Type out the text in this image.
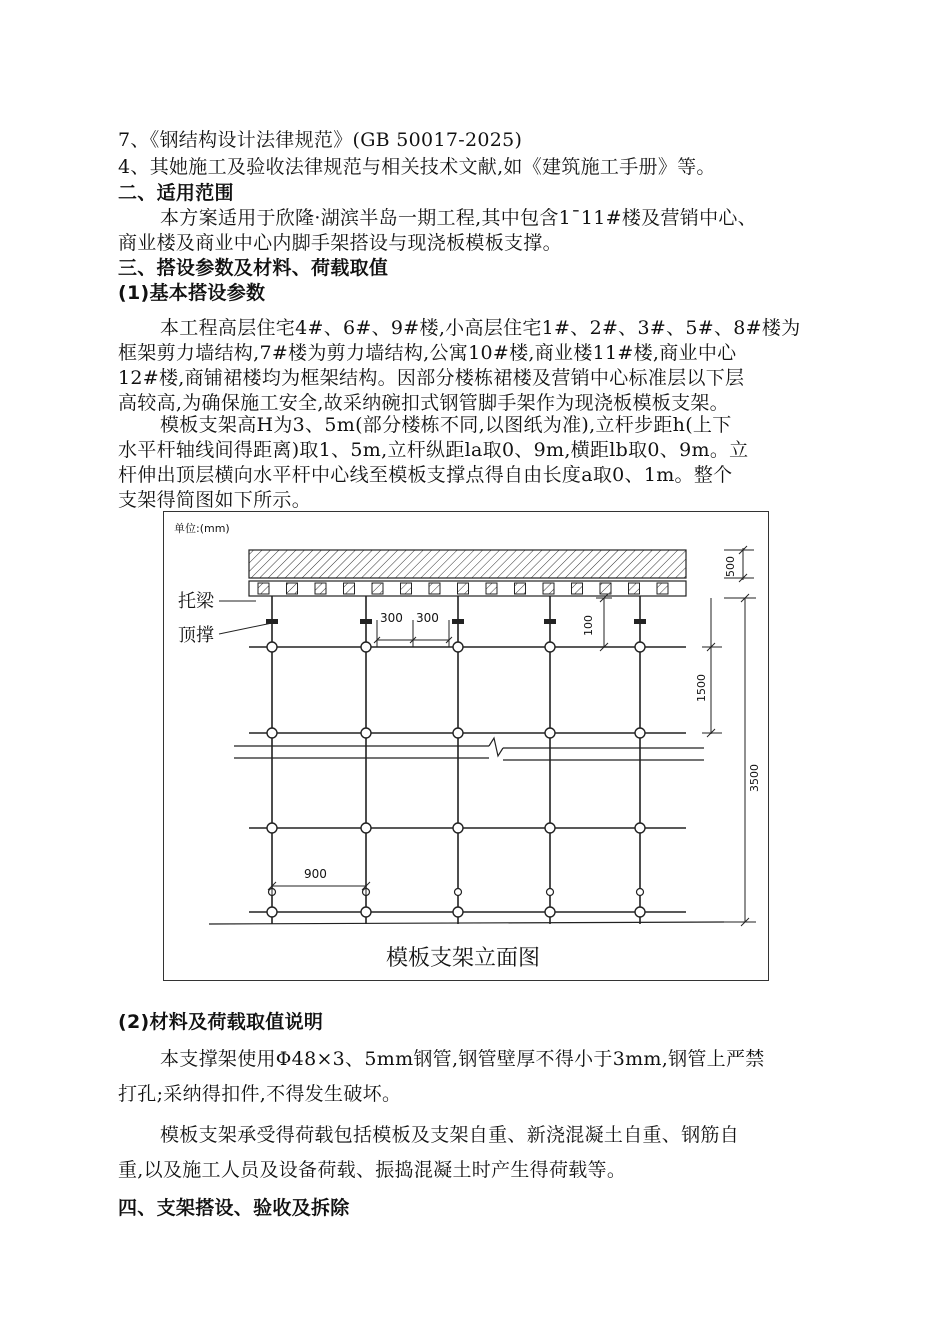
7、《钢结构设计法律规范》(GB 50017-2025)
4、其她施工及验收法律规范与相关技术文献,如《建筑施工手册》等。
二、适用范围
本方案适用于欣隆·湖滨半岛一期工程,其中包含1¯11#楼及营销中心、
商业楼及商业中心内脚手架搭设与现浇板模板支撑。
三、搭设参数及材料、荷载取值
(1)基本搭设参数
本工程高层住宅4#、6#、9#楼,小高层住宅1#、2#、3#、5#、8#楼为
框架剪力墙结构,7#楼为剪力墙结构,公寓10#楼,商业楼11#楼,商业中心
12#楼,商铺裙楼均为框架结构。因部分楼栋裙楼及营销中心标准层以下层
高较高,为确保施工安全,故采纳碗扣式钢管脚手架作为现浇板模板支架。
模板支架高H为3、5m(部分楼栋不同,以图纸为准),立杆步距h(上下
水平杆轴线间得距离)取1、5m,立杆纵距la取0、9m,横距lb取0、9m。立
杆伸出顶层横向水平杆中心线至模板支撑点得自由长度a取0、1m。整个
支架得简图如下所示。
(2)材料及荷载取值说明
本支撑架使用Φ48×3、5mm钢管,钢管壁厚不得小于3mm,钢管上严禁
打孔;采纳得扣件,不得发生破坏。
模板支架承受得荷载包括模板及支架自重、新浇混凝土自重、钢筋自
重,以及施工人员及设备荷载、振捣混凝土时产生得荷载等。
四、支架搭设、验收及拆除
单位:(mm)
托梁
顶撑
300 300	100
500
1500
3500
900
模板支架立面图
